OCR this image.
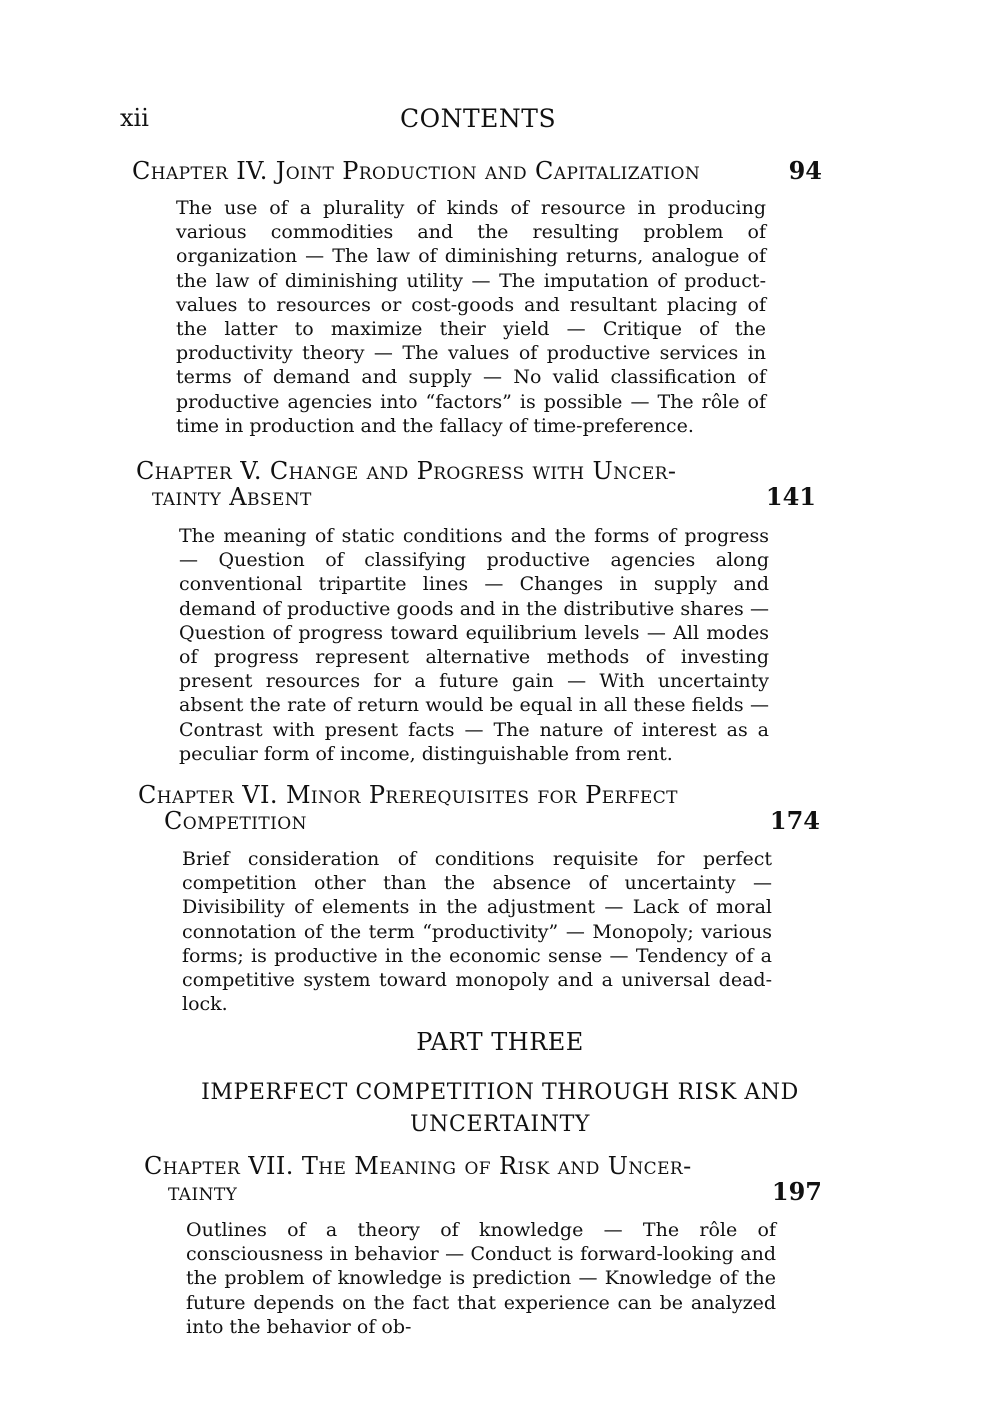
xii	CONTENTS
Chapter IV. Joint Production and Capitalization	94

The use of a plurality of kinds of resource in producing various commodities and the resulting problem of organization — The law of diminishing returns, analogue of the law of diminishing utility — The imputation of product-values to resources or cost-goods and resultant placing of the latter to maximize their yield — Critique of the productivity theory — The values of productive services in terms of demand and supply — No valid classification of productive agencies into “factors” is possible — The rôle of time in production and the fallacy of time-preference.

Chapter V. Change and Progress with Uncer-
tainty Absent	141

The meaning of static conditions and the forms of progress — Question of classifying productive agencies along conventional tripartite lines — Changes in supply and demand of productive goods and in the distributive shares — Question of progress toward equilibrium levels — All modes of progress represent alternative methods of investing present resources for a future gain — With uncertainty absent the rate of return would be equal in all these fields — Contrast with present facts — The nature of interest as a peculiar form of income, distinguishable from rent.

Chapter VI. Minor Prerequisites for Perfect
Competition	174

Brief consideration of conditions requisite for perfect competition other than the absence of uncertainty — Divisibility of elements in the adjustment — Lack of moral connotation of the term “productivity” — Monopoly; various forms; is productive in the economic sense — Tendency of a competitive system toward monopoly and a universal dead-lock.

PART THREE
IMPERFECT COMPETITION THROUGH RISK AND
UNCERTAINTY
Chapter VII. The Meaning of Risk and Uncer-
tainty	197

Outlines of a theory of knowledge — The rôle of consciousness in behavior — Conduct is forward-looking and the problem of knowledge is prediction — Knowledge of the future depends on the fact that experience can be analyzed into the behavior of ob-
